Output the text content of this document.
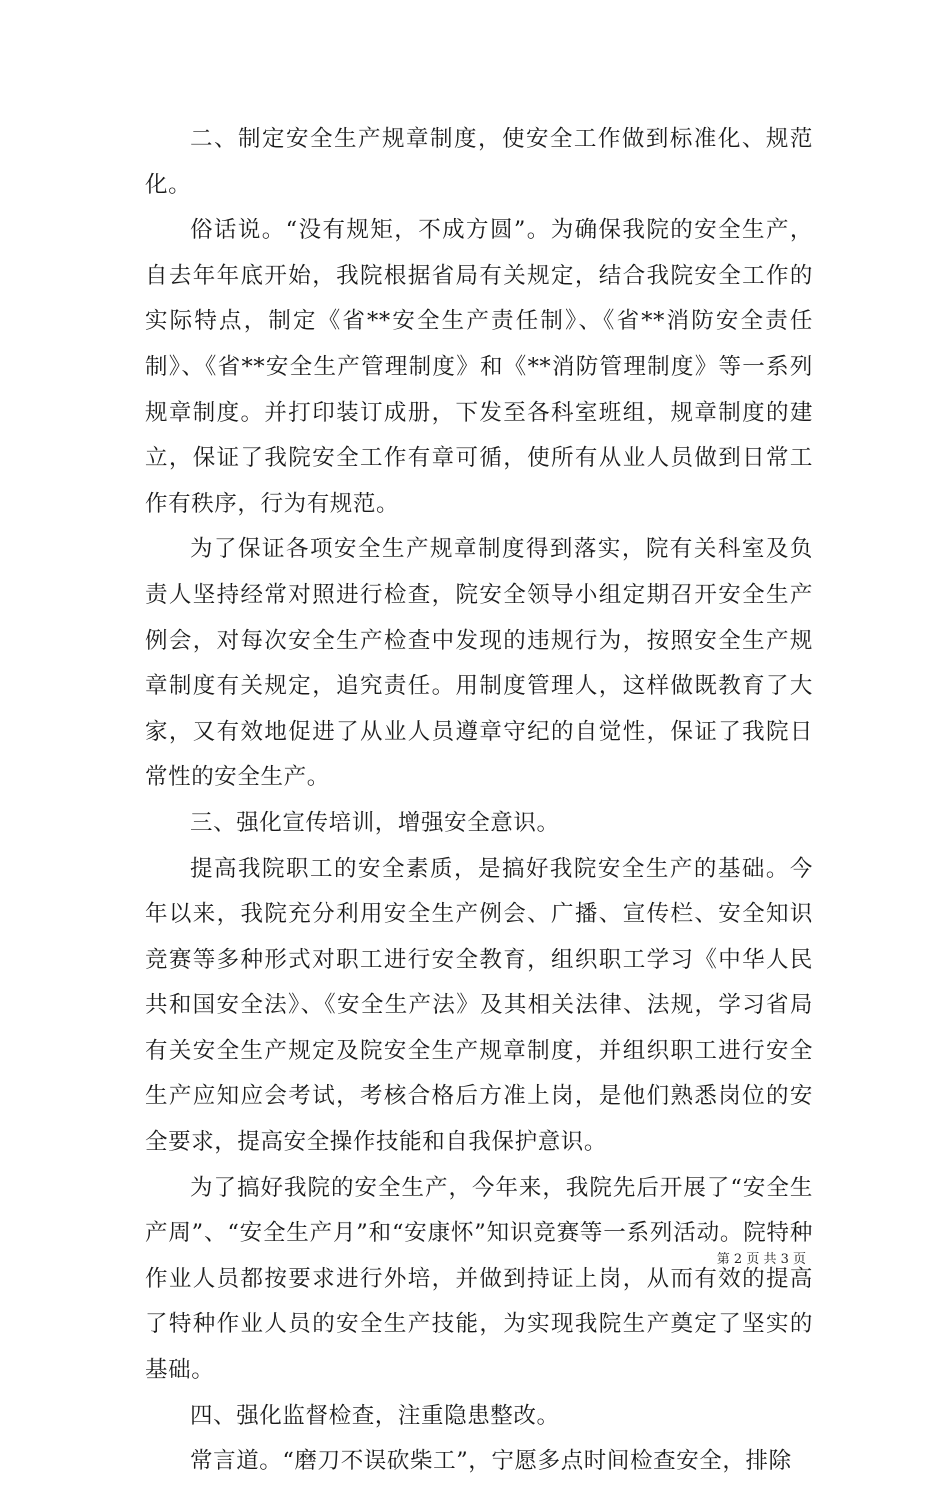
二、制定安全生产规章制度，使安全工作做到标准化、规范化。

俗话说。“没有规矩，不成方圆”。为确保我院的安全生产，自去年年底开始，我院根据省局有关规定，结合我院安全工作的实际特点，制定《省**安全生产责任制》、《省**消防安全责任制》、《省**安全生产管理制度》和《**消防管理制度》等一系列规章制度。并打印装订成册，下发至各科室班组，规章制度的建立，保证了我院安全工作有章可循，使所有从业人员做到日常工作有秩序，行为有规范。

为了保证各项安全生产规章制度得到落实，院有关科室及负责人坚持经常对照进行检查，院安全领导小组定期召开安全生产例会，对每次安全生产检查中发现的违规行为，按照安全生产规章制度有关规定，追究责任。用制度管理人，这样做既教育了大家，又有效地促进了从业人员遵章守纪的自觉性，保证了我院日常性的安全生产。

三、强化宣传培训，增强安全意识。

提高我院职工的安全素质，是搞好我院安全生产的基础。今年以来，我院充分利用安全生产例会、广播、宣传栏、安全知识竞赛等多种形式对职工进行安全教育，组织职工学习《中华人民共和国安全法》、《安全生产法》及其相关法律、法规，学习省局有关安全生产规定及院安全生产规章制度，并组织职工进行安全生产应知应会考试，考核合格后方准上岗，是他们熟悉岗位的安全要求，提高安全操作技能和自我保护意识。

为了搞好我院的安全生产，今年来，我院先后开展了“安全生产周”、“安全生产月”和“安康怀”知识竞赛等一系列活动。院特种作业人员都按要求进行外培，并做到持证上岗，从而有效的提高了特种作业人员的安全生产技能，为实现我院生产奠定了坚实的基础。

四、强化监督检查，注重隐患整改。

常言道。“磨刀不误砍柴工”，宁愿多点时间检查安全，排除

第 2 页 共 3 页
